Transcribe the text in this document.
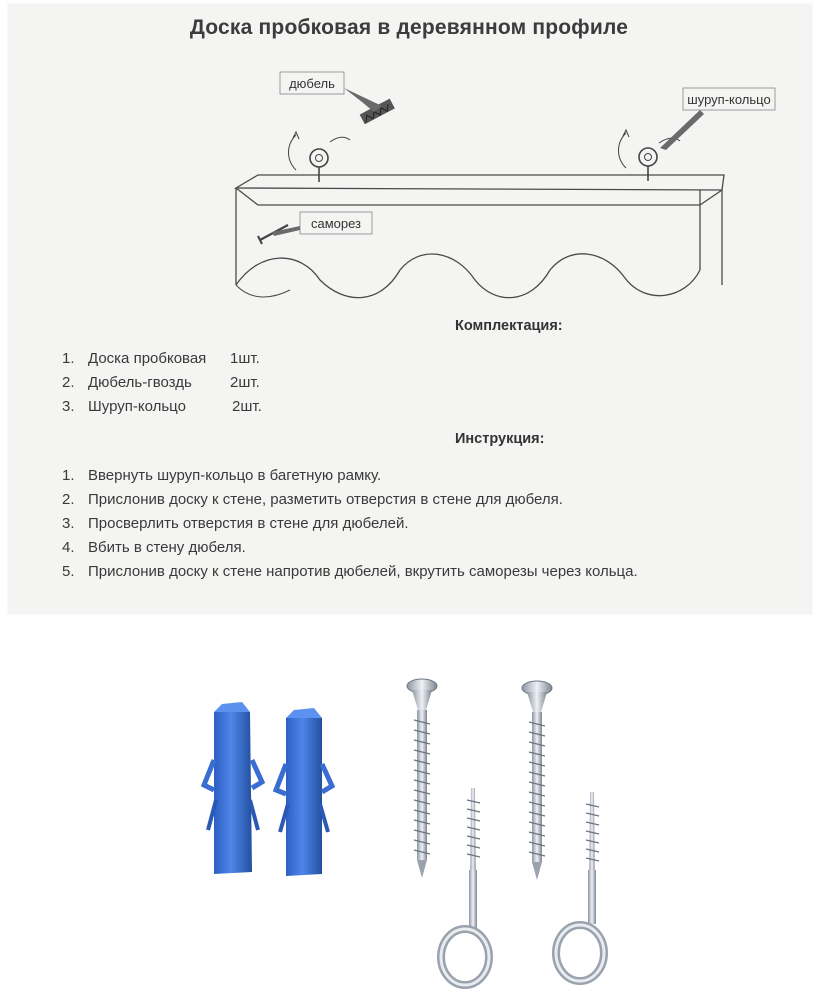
Доска пробковая в деревянном профиле
дюбель
шуруп-кольцо
саморез
Комплектация:
1. Доска пробковая 1шт.
2. Дюбель-гвоздь	2шт.
3. Шуруп-кольцо	2шт.
Инструкция:
1. Ввернуть шуруп-кольцо в багетную рамку.
2. Прислонив доску к стене, разметить отверстия в стене для дюбеля.
3. Просверлить отверстия в стене для дюбелей.
4. Вбить в стену дюбеля.
5. Прислонив доску к стене напротив дюбелей, вкрутить саморезы через кольца.
